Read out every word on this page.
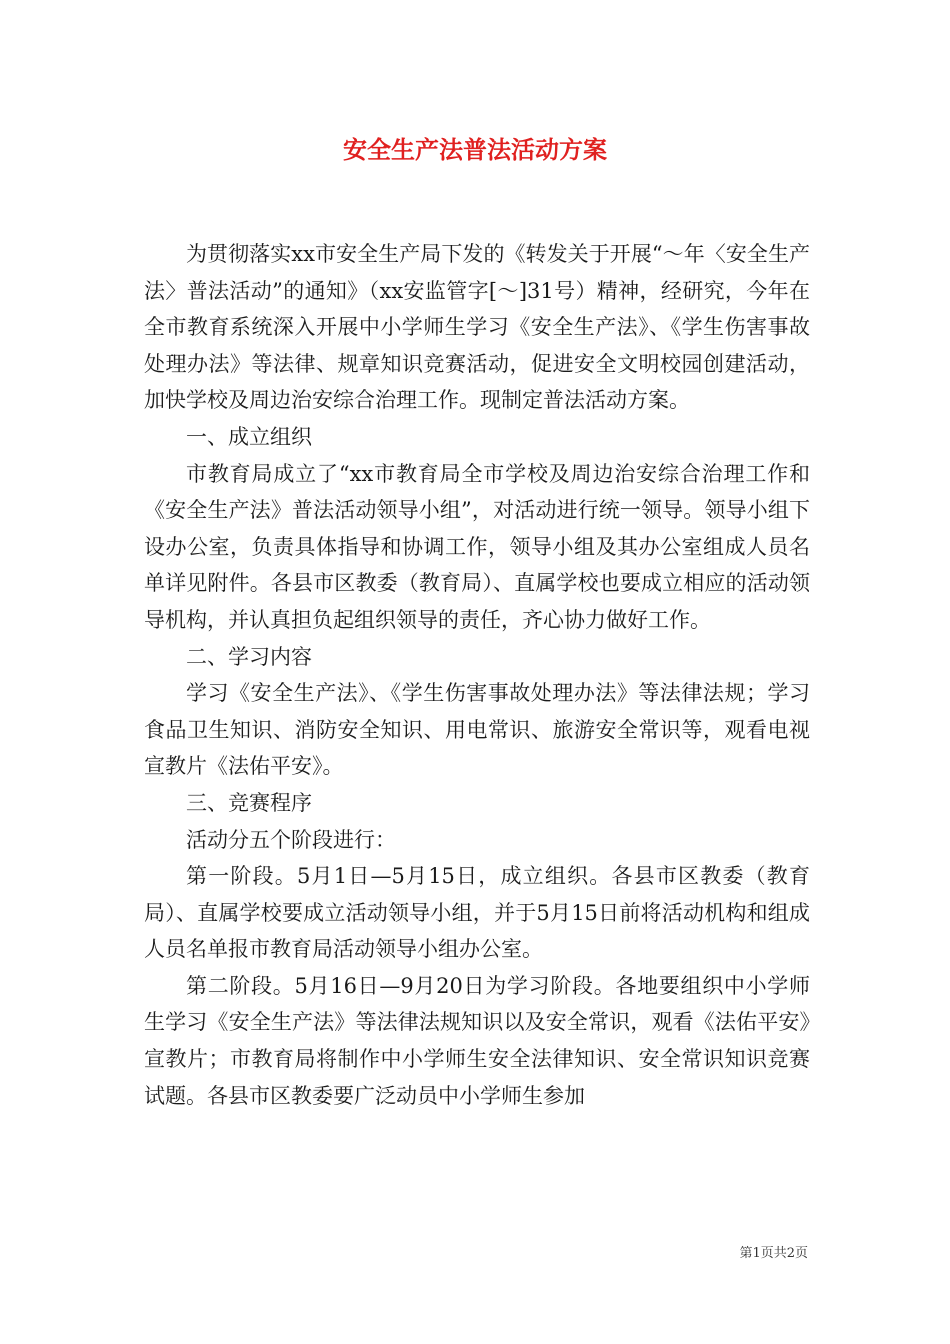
安全生产法普法活动方案

为贯彻落实xx市安全生产局下发的《转发关于开展“～年〈安全生产法〉普法活动”的通知》（xx安监管字[～]31号）精神，经研究，今年在全市教育系统深入开展中小学师生学习《安全生产法》、《学生伤害事故处理办法》等法律、规章知识竞赛活动，促进安全文明校园创建活动，加快学校及周边治安综合治理工作。现制定普法活动方案。

一、成立组织

市教育局成立了“xx市教育局全市学校及周边治安综合治理工作和《安全生产法》普法活动领导小组”，对活动进行统一领导。领导小组下设办公室，负责具体指导和协调工作，领导小组及其办公室组成人员名单详见附件。各县市区教委（教育局）、直属学校也要成立相应的活动领导机构，并认真担负起组织领导的责任，齐心协力做好工作。

二、学习内容

学习《安全生产法》、《学生伤害事故处理办法》等法律法规；学习食品卫生知识、消防安全知识、用电常识、旅游安全常识等，观看电视宣教片《法佑平安》。

三、竞赛程序

活动分五个阶段进行：

第一阶段。5月1日—5月15日，成立组织。各县市区教委（教育局）、直属学校要成立活动领导小组，并于5月15日前将活动机构和组成人员名单报市教育局活动领导小组办公室。

第二阶段。5月16日—9月20日为学习阶段。各地要组织中小学师生学习《安全生产法》等法律法规知识以及安全常识，观看《法佑平安》宣教片；市教育局将制作中小学师生安全法律知识、安全常识知识竞赛试题。各县市区教委要广泛动员中小学师生参加

第1页共2页
